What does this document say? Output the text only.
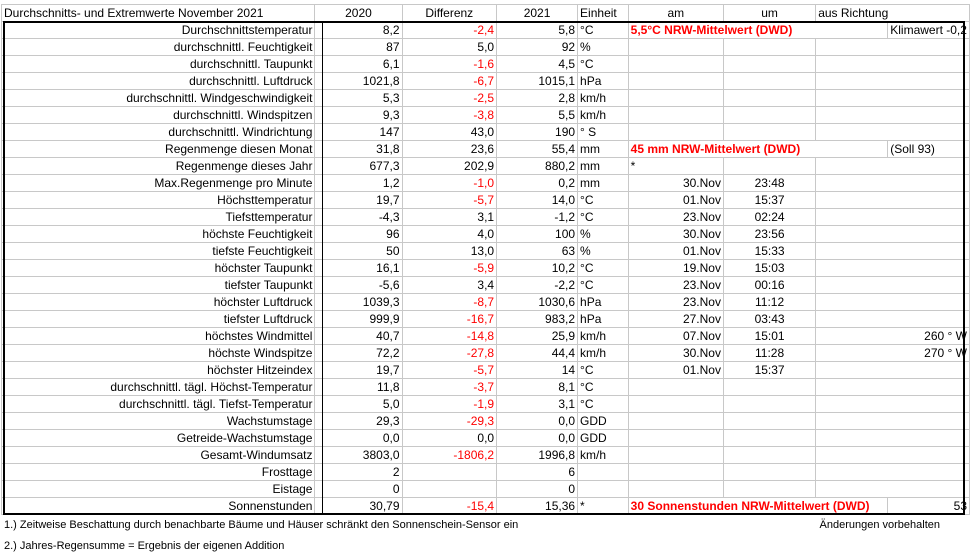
Durchschnitts- und Extremwerte November 2021	2020	Differenz	2021	Einheit	am	um	aus Richtung	
Durchschnittstemperatur	8,2	-2,4	5,8	°C	5,5°C NRW-Mittelwert (DWD)			Klimawert -0,2
durchschnittl. Feuchtigkeit	87	5,0	92	%				
durchschnittl. Taupunkt	6,1	-1,6	4,5	°C				
durchschnittl. Luftdruck	1021,8	-6,7	1015,1	hPa				
durchschnittl. Windgeschwindigkeit	5,3	-2,5	2,8	km/h				
durchschnittl. Windspitzen	9,3	-3,8	5,5	km/h				
durchschnittl. Windrichtung	147	43,0	190	° S				
Regenmenge diesen Monat	31,8	23,6	55,4	mm	45 mm NRW-Mittelwert (DWD)			(Soll 93)
Regenmenge dieses Jahr	677,3	202,9	880,2	mm	*			
Max.Regenmenge pro Minute	1,2	-1,0	0,2	mm	30.Nov	23:48		
Höchsttemperatur	19,7	-5,7	14,0	°C	01.Nov	15:37		
Tiefsttemperatur	-4,3	3,1	-1,2	°C	23.Nov	02:24		
höchste Feuchtigkeit	96	4,0	100	%	30.Nov	23:56		
tiefste Feuchtigkeit	50	13,0	63	%	01.Nov	15:33		
höchster Taupunkt	16,1	-5,9	10,2	°C	19.Nov	15:03		
tiefster Taupunkt	-5,6	3,4	-2,2	°C	23.Nov	00:16		
höchster Luftdruck	1039,3	-8,7	1030,6	hPa	23.Nov	11:12		
tiefster Luftdruck	999,9	-16,7	983,2	hPa	27.Nov	03:43		
höchstes Windmittel	40,7	-14,8	25,9	km/h	07.Nov	15:01	260 ° W	
höchste Windspitze	72,2	-27,8	44,4	km/h	30.Nov	11:28	270 ° W	
höchster Hitzeindex	19,7	-5,7	14	°C	01.Nov	15:37		
durchschnittl. tägl. Höchst-Temperatur	11,8	-3,7	8,1	°C				
durchschnittl. tägl. Tiefst-Temperatur	5,0	-1,9	3,1	°C				
Wachstumstage	29,3	-29,3	0,0	GDD				
Getreide-Wachstumstage	0,0	0,0	0,0	GDD				
Gesamt-Windumsatz	3803,0	-1806,2	1996,8	km/h				
Frosttage	2		6					
Eistage	0		0					
Sonnenstunden	30,79	-15,4	15,36	*	30 Sonnenstunden NRW-Mittelwert (DWD)			53
1.) Zeitweise Beschattung durch benachbarte Bäume und Häuser schränkt den Sonnenschein-Sensor ein	Änderungen vorbehalten
2.) Jahres-Regensumme = Ergebnis der eigenen Addition
